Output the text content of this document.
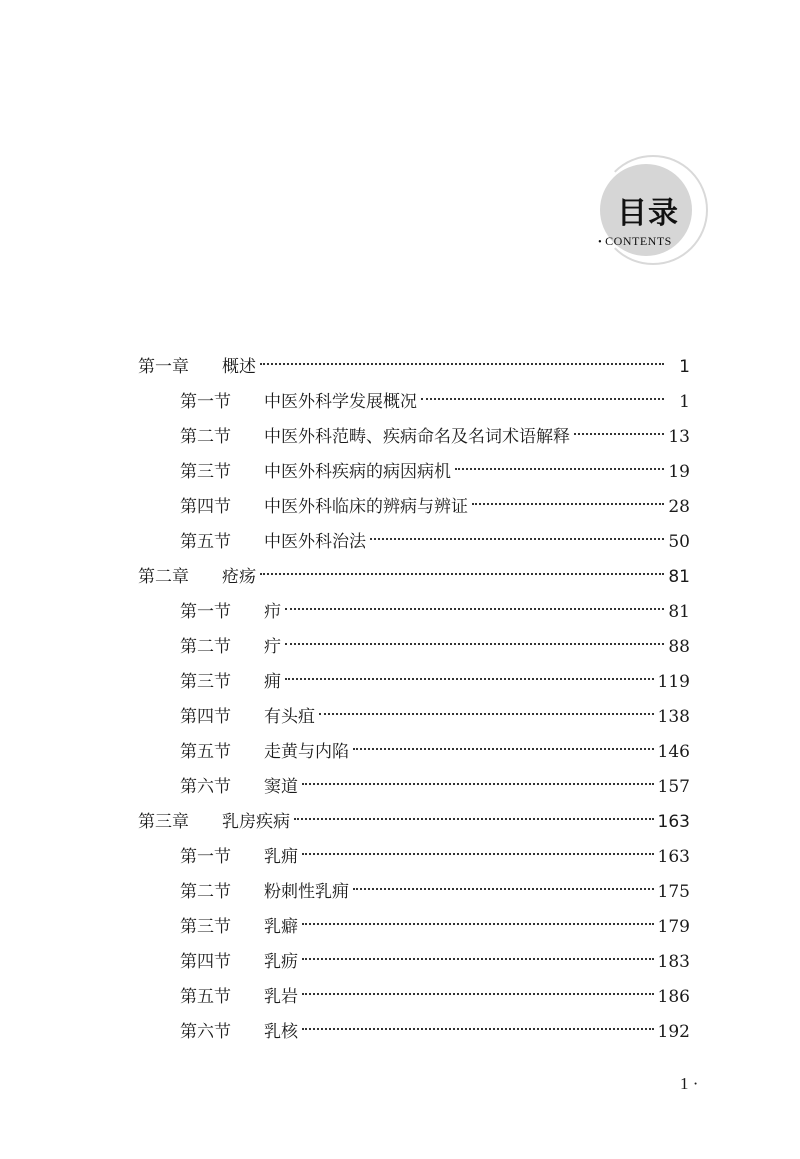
目录
• CONTENTS
第一章	概述	1
第一节	中医外科学发展概况	1
第二节	中医外科范畴、疾病命名及名词术语解释	13
第三节	中医外科疾病的病因病机	19
第四节	中医外科临床的辨病与辨证	28
第五节	中医外科治法	50
第二章	疮疡	81
第一节	疖	81
第二节	疔	88
第三节	痈	119
第四节	有头疽	138
第五节	走黄与内陷	146
第六节	窦道	157
第三章	乳房疾病	163
第一节	乳痈	163
第二节	粉刺性乳痈	175
第三节	乳癖	179
第四节	乳疬	183
第五节	乳岩	186
第六节	乳核	192
1 ·
